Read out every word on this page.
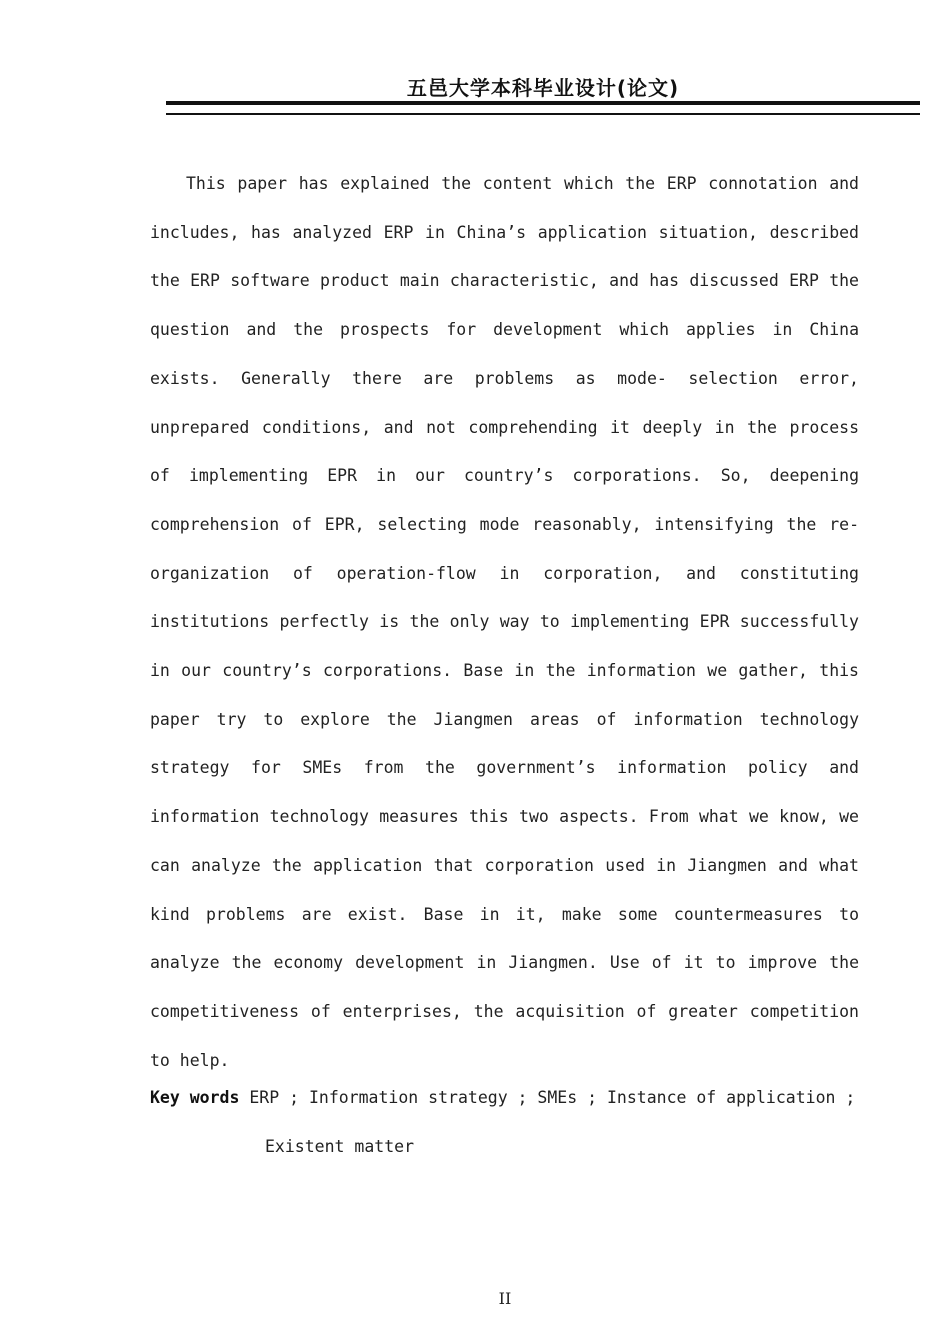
五邑大学本科毕业设计(论文)

This paper has explained the content which the ERP connotation and includes, has analyzed ERP in China’s application situation, described the ERP software product main characteristic, and has discussed ERP the question and the prospects for development which applies in China exists. Generally there are problems as mode- selection error, unprepared conditions, and not comprehending it deeply in the process of implementing EPR in our country’s corporations. So, deepening comprehension of EPR, selecting mode reasonably, intensifying the re-organization of operation-flow in corporation, and constituting institutions perfectly is the only way to implementing EPR successfully in our country’s corporations. Base in the information we gather, this paper try to explore the Jiangmen areas of information technology strategy for SMEs from the government’s information policy and information technology measures this two aspects. From what we know, we can analyze the application that corporation used in Jiangmen and what kind problems are exist. Base in it, make some countermeasures to analyze the economy development in Jiangmen. Use of it to improve the competitiveness of enterprises, the acquisition of greater competition to help.

Key words ERP ; Information strategy ; SMEs ; Instance of application ;
Existent matter
II
